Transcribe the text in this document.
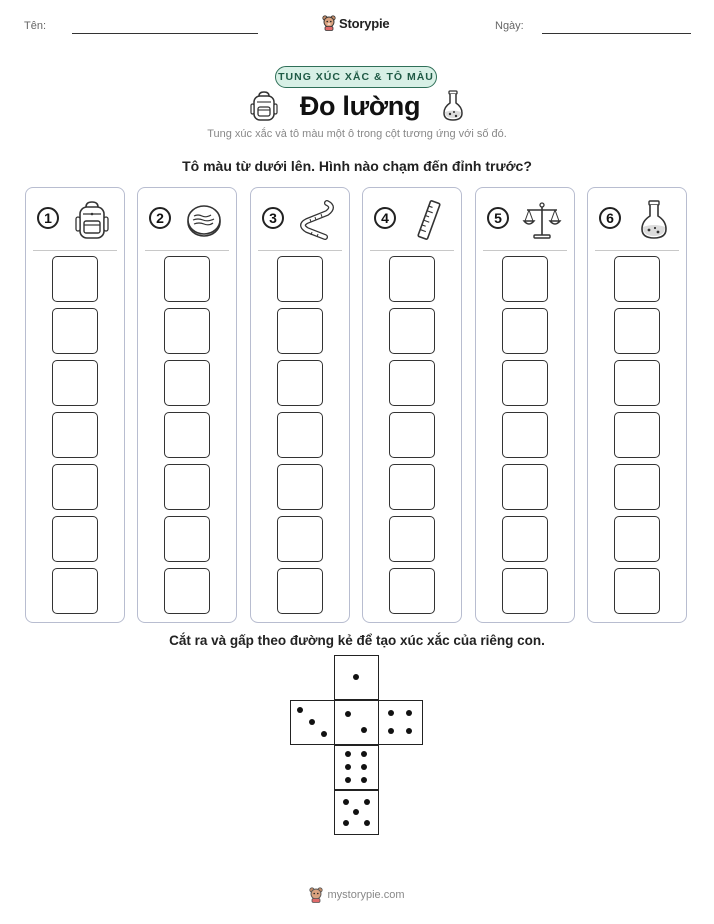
Tên:	Storypie	Ngày:
TUNG XÚC XẮC & TÔ MÀU
Đo lường
Tung xúc xắc và tô màu một ô trong cột tương ứng với số đó.
Tô màu từ dưới lên. Hình nào chạm đến đỉnh trước?
1	2	3	4	5	6
Cắt ra và gấp theo đường kẻ để tạo xúc xắc của riêng con.
mystorypie.com
